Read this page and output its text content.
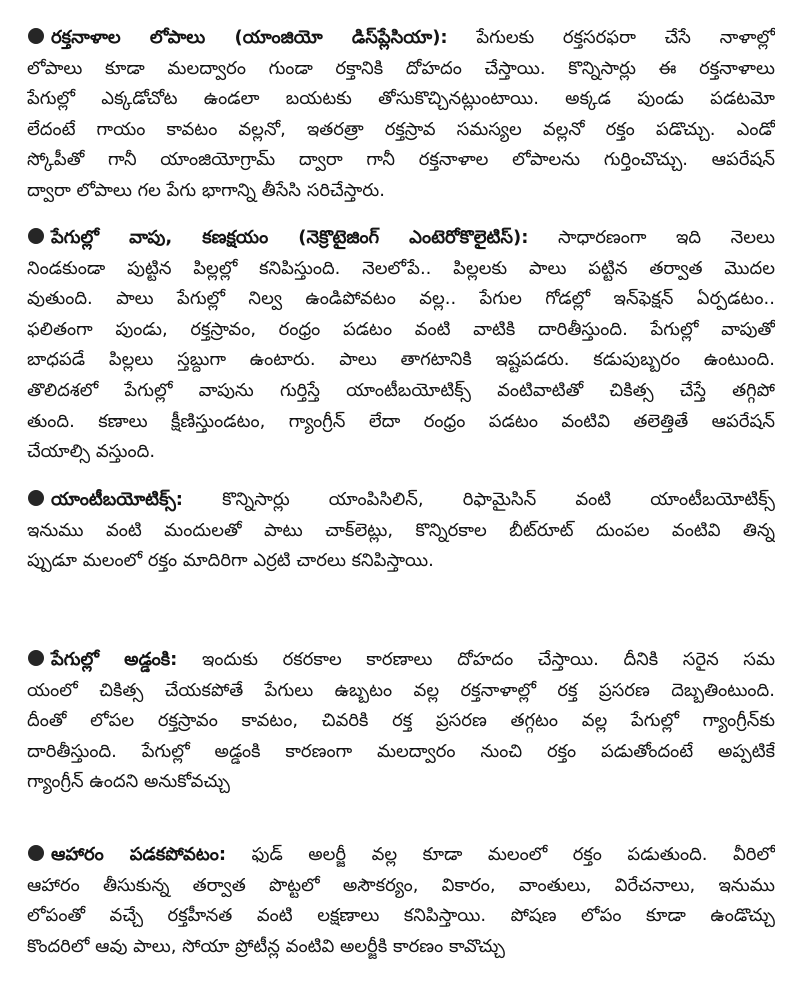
రక్తనాళాల లోపాలు (యాంజియో డిస్‌ప్లేసియా): పేగులకు రక్తసరఫరా చేసే నాళాల్లో
లోపాలు కూడా మలద్వారం గుండా రక్తానికి దోహదం చేస్తాయి. కొన్నిసార్లు ఈ రక్తనాళాలు
పేగుల్లో ఎక్కడోచోట ఉండలా బయటకు తోసుకొచ్చినట్లుంటాయి. అక్కడ పుండు పడటమో
లేదంటే గాయం కావటం వల్లనో, ఇతరత్రా రక్తస్రావ సమస్యల వల్లనో రక్తం పడొచ్చు. ఎండో
స్కోపీతో గానీ యాంజియోగ్రామ్ ద్వారా గానీ రక్తనాళాల లోపాలను గుర్తించొచ్చు. ఆపరేషన్
ద్వారా లోపాలు గల పేగు భాగాన్ని తీసేసి సరిచేస్తారు.
పేగుల్లో వాపు, కణక్షయం (నెక్రొటైజింగ్ ఎంటెరోకొలైటిస్): సాధారణంగా ఇది నెలలు
నిండకుండా పుట్టిన పిల్లల్లో కనిపిస్తుంది. నెలలోపే.. పిల్లలకు పాలు పట్టిన తర్వాత మొదల
వుతుంది. పాలు పేగుల్లో నిల్వ ఉండిపోవటం వల్ల.. పేగుల గోడల్లో ఇన్‌ఫెక్షన్ ఏర్పడటం..
ఫలితంగా పుండు, రక్తస్రావం, రంధ్రం పడటం వంటి వాటికి దారితీస్తుంది. పేగుల్లో వాపుతో
బాధపడే పిల్లలు స్తబ్దుగా ఉంటారు. పాలు తాగటానికి ఇష్టపడరు. కడుపుబ్బరం ఉంటుంది.
తొలిదశలో పేగుల్లో వాపును గుర్తిస్తే యాంటీబయోటిక్స్ వంటివాటితో చికిత్స చేస్తే తగ్గిపో
తుంది. కణాలు క్షీణిస్తుండటం, గ్యాంగ్రీన్ లేదా రంధ్రం పడటం వంటివి తలెత్తితే ఆపరేషన్
చేయాల్సి వస్తుంది.
యాంటీబయోటిక్స్: కొన్నిసార్లు యాంపిసిలిన్, రిఫామైసిన్ వంటి యాంటీబయోటిక్స్
ఇనుము వంటి మందులతో పాటు చాక్‌లెట్లు, కొన్నిరకాల బీట్‌రూట్ దుంపల వంటివి తిన్న
ప్పుడూ మలంలో రక్తం మాదిరిగా ఎర్రటి చారలు కనిపిస్తాయి.
పేగుల్లో అడ్డంకి: ఇందుకు రకరకాల కారణాలు దోహదం చేస్తాయి. దీనికి సరైన సమ
యంలో చికిత్స చేయకపోతే పేగులు ఉబ్బటం వల్ల రక్తనాళాల్లో రక్త ప్రసరణ దెబ్బతింటుంది.
దీంతో లోపల రక్తస్రావం కావటం, చివరికి రక్త ప్రసరణ తగ్గటం వల్ల పేగుల్లో గ్యాంగ్రీన్‌కు
దారితీస్తుంది. పేగుల్లో అడ్డంకి కారణంగా మలద్వారం నుంచి రక్తం పడుతోందంటే అప్పటికే
గ్యాంగ్రీన్ ఉందని అనుకోవచ్చు
ఆహారం పడకపోవటం: ఫుడ్ అలర్జీ వల్ల కూడా మలంలో రక్తం పడుతుంది. వీరిలో
ఆహారం తీసుకున్న తర్వాత పొట్టలో అసౌకర్యం, వికారం, వాంతులు, విరేచనాలు, ఇనుము
లోపంతో వచ్చే రక్తహీనత వంటి లక్షణాలు కనిపిస్తాయి. పోషణ లోపం కూడా ఉండొచ్చు
కొందరిలో ఆవు పాలు, సోయా ప్రోటీన్ల వంటివి అలర్జీకి కారణం కావొచ్చు
